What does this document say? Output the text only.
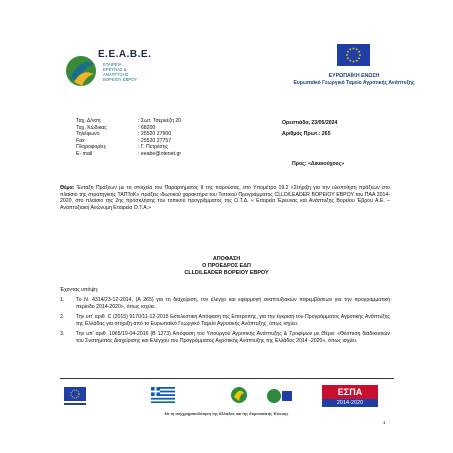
Ε.Ε.Α.Β.Ε.
ΕΤΑΙΡΕΙΑ
ΕΡΕΥΝΑΣ &
ΑΝΑΠΤΥΞΗΣ
ΒΟΡΕΙΟΥ ΕΒΡΟΥ
ΕΥΡΩΠΑΪΚΗ ΕΝΩΣΗ
Ευρωπαϊκό Γεωργικό Ταμείο Αγροτικής Ανάπτυξης
Ταχ. Δ/νση	: Σωτ. Τσερκέζη 20
Ταχ. Κώδικας	: 68200
Τηλέφωνο	: 25520 27900
Fax	: 25520 27757
Πληροφορίες	: Γ. Πετρέσης
E- mail	: eeabe@otenet.gr
Ορεστιάδα, 23/05/2024
Αριθμός Πρωτ.: 265
Προς: «Δικαιούχους»
Θέμα: Ένταξη Πράξεων με τα στοιχεία του Παραρτήματος ΙΙ της παρούσας, στο Υπομέτρο 19.2 «Στήριξη για την υλοποίηση πράξεων στο πλαίσιο της στρατηγικής ΤΑΠΤοΚ» πράξεις ιδιωτικού χαρακτήρα του Τοπικού Προγράμματος CLLD/LEADER ΒΟΡΕΙΟΥ ΕΒΡΟΥ του ΠΑΑ 2014-2020, στο πλαίσιο της 2ης πρόσκλησης του τοπικού προγράμματος της Ο.Τ.Δ. « Εταιρεία Έρευνας και Ανάπτυξης Βορείου Έβρου Α.Ε. – Αναπτυξιακή Ανώνυμη Εταιρεία Ο.Τ.Α.»
ΑΠΟΦΑΣΗ
Ο ΠΡΟΕΔΡΟΣ ΕΔΠ
CLLD/LEADER ΒΟΡΕΙΟΥ ΕΒΡΟΥ
Έχοντας υπόψη:
1.	Το Ν. 4314/23-12-2014, (Α 265) για τη διαχείριση, τον έλεγχο και εφαρμογή αναπτυξιακών παρεμβάσεων για την προγραμματική περίοδο 2014-2020», όπως ισχύει.
2.	Την υπ' αριθ. C (2015) 9170/11-12-2015 Εκτελεστική Απόφαση της Επιτροπής, για την έγκριση του Προγράμματος Αγροτικής Ανάπτυξης της Ελλάδας για στήριξη από το Ευρωπαϊκό Γεωργικό Ταμείο Αγροτικής Ανάπτυξης, όπως ισχύει.
3.	Την υπ' αριθ. 1065/19-04-2016 (Β 1273) Απόφαση του Υπουργού Αγροτικής Ανάπτυξης & Τροφίμων με Θέμα: «Θέσπιση διαδικασιών του Συστήματος Διαχείρισης και Ελέγχου του Προγράμματος Αγροτικής Ανάπτυξης της Ελλάδος 2014 -2020», όπως ισχύει.
ΕΣΠΑ
2014-2020
Με τη συγχρηματοδότηση της Ελλάδας και της Ευρωπαϊκής Ένωσης
1
